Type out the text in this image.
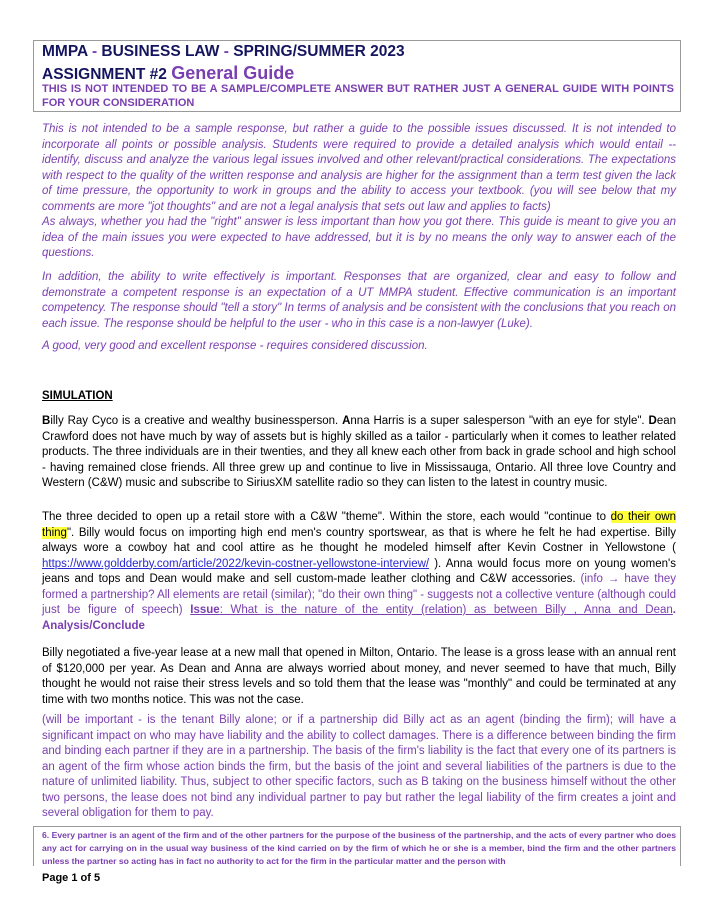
MMPA - BUSINESS LAW - SPRING/SUMMER 2023
ASSIGNMENT #2 General Guide
THIS IS NOT INTENDED TO BE A SAMPLE/COMPLETE ANSWER BUT RATHER JUST A GENERAL GUIDE WITH POINTS FOR YOUR CONSIDERATION
This is not intended to be a sample response, but rather a guide to the possible issues discussed. It is not intended to incorporate all points or possible analysis. Students were required to provide a detailed analysis which would entail -- identify, discuss and analyze the various legal issues involved and other relevant/practical considerations. The expectations with respect to the quality of the written response and analysis are higher for the assignment than a term test given the lack of time pressure, the opportunity to work in groups and the ability to access your textbook. (you will see below that my comments are more "jot thoughts" and are not a legal analysis that sets out law and applies to facts)
As always, whether you had the "right" answer is less important than how you got there. This guide is meant to give you an idea of the main issues you were expected to have addressed, but it is by no means the only way to answer each of the questions.
In addition, the ability to write effectively is important. Responses that are organized, clear and easy to follow and demonstrate a competent response is an expectation of a UT MMPA student. Effective communication is an important competency. The response should "tell a story" In terms of analysis and be consistent with the conclusions that you reach on each issue. The response should be helpful to the user - who in this case is a non-lawyer (Luke).
A good, very good and excellent response - requires considered discussion.
SIMULATION
Billy Ray Cyco is a creative and wealthy businessperson. Anna Harris is a super salesperson "with an eye for style". Dean Crawford does not have much by way of assets but is highly skilled as a tailor - particularly when it comes to leather related products. The three individuals are in their twenties, and they all knew each other from back in grade school and high school - having remained close friends. All three grew up and continue to live in Mississauga, Ontario. All three love Country and Western (C&W) music and subscribe to SiriusXM satellite radio so they can listen to the latest in country music.
The three decided to open up a retail store with a C&W "theme". Within the store, each would "continue to do their own thing". Billy would focus on importing high end men's country sportswear, as that is where he felt he had expertise. Billy always wore a cowboy hat and cool attire as he thought he modeled himself after Kevin Costner in Yellowstone ( https://www.goldderby.com/article/2022/kevin-costner-yellowstone-interview/ ). Anna would focus more on young women's jeans and tops and Dean would make and sell custom-made leather clothing and C&W accessories. (info → have they formed a partnership? All elements are retail (similar); "do their own thing" - suggests not a collective venture (although could just be figure of speech) Issue: What is the nature of the entity (relation) as between Billy , Anna and Dean. Analysis/Conclude
Billy negotiated a five-year lease at a new mall that opened in Milton, Ontario. The lease is a gross lease with an annual rent of $120,000 per year. As Dean and Anna are always worried about money, and never seemed to have that much, Billy thought he would not raise their stress levels and so told them that the lease was "monthly" and could be terminated at any time with two months notice. This was not the case.
(will be important - is the tenant Billy alone; or if a partnership did Billy act as an agent (binding the firm); will have a significant impact on who may have liability and the ability to collect damages. There is a difference between binding the firm and binding each partner if they are in a partnership. The basis of the firm's liability is the fact that every one of its partners is an agent of the firm whose action binds the firm, but the basis of the joint and several liabilities of the partners is due to the nature of unlimited liability. Thus, subject to other specific factors, such as B taking on the business himself without the other two persons, the lease does not bind any individual partner to pay but rather the legal liability of the firm creates a joint and several obligation for them to pay.
6. Every partner is an agent of the firm and of the other partners for the purpose of the business of the partnership, and the acts of every partner who does any act for carrying on in the usual way business of the kind carried on by the firm of which he or she is a member, bind the firm and the other partners unless the partner so acting has in fact no authority to act for the firm in the particular matter and the person with
Page 1 of 5
